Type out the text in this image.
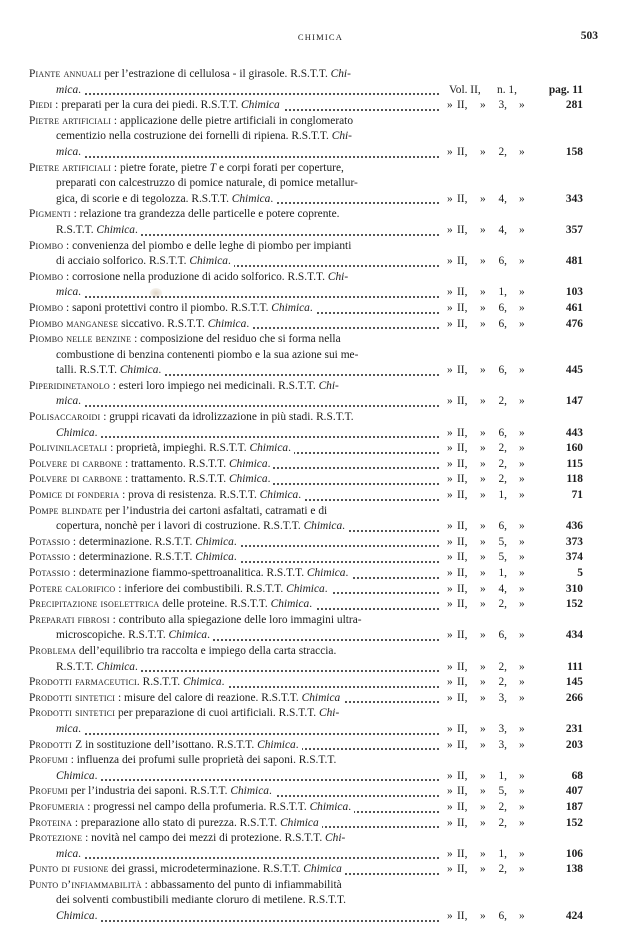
CHIMICA	503
Piante annuali per l’estrazione di cellulosa - il girasole. R.S.T.T. Chi-
mica.	Vol. II, n. 1,	pag. 11
Piedi : preparati per la cura dei piedi. R.S.T.T. Chimica	» II, »	3, »	281
Pietre artificiali : applicazione delle pietre artificiali in conglomerato
cementizio nella costruzione dei fornelli di ripiena. R.S.T.T. Chi-
mica.	» II, »	2, »	158
Pietre artificiali : pietre forate, pietre T e corpi forati per coperture,
preparati con calcestruzzo di pomice naturale, di pomice metallur-
gica, di scorie e di tegolozza. R.S.T.T. Chimica.	» II, »	4, »	343
Pigmenti : relazione tra grandezza delle particelle e potere coprente.
R.S.T.T. Chimica.	» II, »	4, »	357
Piombo : convenienza del piombo e delle leghe di piombo per impianti
di acciaio solforico. R.S.T.T. Chimica.	» II, »	6, »	481
Piombo : corrosione nella produzione di acido solforico. R.S.T.T. Chi-
mica.	» II, »	1, »	103
Piombo : saponi protettivi contro il piombo. R.S.T.T. Chimica.	» II, »	6, »	461
Piombo manganese siccativo. R.S.T.T. Chimica.	» II, »	6, »	476
Piombo nelle benzine : composizione del residuo che si forma nella
combustione di benzina contenenti piombo e la sua azione sui me-
talli. R.S.T.T. Chimica.	» II, »	6, »	445
Piperidinetanolo : esteri loro impiego nei medicinali. R.S.T.T. Chi-
mica.	» II, »	2, »	147
Polisaccaroidi : gruppi ricavati da idrolizzazione in più stadi. R.S.T.T.
Chimica.	» II, »	6, »	443
Polivinilacetali : proprietà, impieghi. R.S.T.T. Chimica.	» II, »	2, »	160
Polvere di carbone : trattamento. R.S.T.T. Chimica.	» II, »	2, »	115
Polvere di carbone : trattamento. R.S.T.T. Chimica.	» II, »	2, »	118
Pomice di fonderia : prova di resistenza. R.S.T.T. Chimica.	» II, »	1, »	71
Pompe blindate per l’industria dei cartoni asfaltati, catramati e di
copertura, nonchè per i lavori di costruzione. R.S.T.T. Chimica.	» II, »	6, »	436
Potassio : determinazione. R.S.T.T. Chimica.	» II, »	5, »	373
Potassio : determinazione. R.S.T.T. Chimica.	» II, »	5, »	374
Potassio : determinazione fiammo-spettroanalitica. R.S.T.T. Chimica.	» II, »	1, »	5
Potere calorifico : inferiore dei combustibili. R.S.T.T. Chimica.	» II, »	4, »	310
Precipitazione isoelettrica delle proteine. R.S.T.T. Chimica.	» II, »	2, »	152
Preparati fibrosi : contributo alla spiegazione delle loro immagini ultra-
microscopiche. R.S.T.T. Chimica.	» II, »	6, »	434
Problema dell’equilibrio tra raccolta e impiego della carta straccia.
R.S.T.T. Chimica.	» II, »	2, »	111
Prodotti farmaceutici. R.S.T.T. Chimica.	» II, »	2, »	145
Prodotti sintetici : misure del calore di reazione. R.S.T.T. Chimica	» II, »	3, »	266
Prodotti sintetici per preparazione di cuoi artificiali. R.S.T.T. Chi-
mica.	» II, »	3, »	231
Prodotti Z in sostituzione dell’isottano. R.S.T.T. Chimica.	» II, »	3, »	203
Profumi : influenza dei profumi sulle proprietà dei saponi. R.S.T.T.
Chimica.	» II, »	1, »	68
Profumi per l’industria dei saponi. R.S.T.T. Chimica.	» II, »	5, »	407
Profumeria : progressi nel campo della profumeria. R.S.T.T. Chimica.	» II, »	2, »	187
Proteina : preparazione allo stato di purezza. R.S.T.T. Chimica	» II, »	2, »	152
Protezione : novità nel campo dei mezzi di protezione. R.S.T.T. Chi-
mica.	» II, »	1, »	106
Punto di fusione dei grassi, microdeterminazione. R.S.T.T. Chimica	» II, »	2, »	138
Punto d’infiammabilità : abbassamento del punto di infiammabilità
dei solventi combustibili mediante cloruro di metilene. R.S.T.T.
Chimica.	» II, »	6, »	424
